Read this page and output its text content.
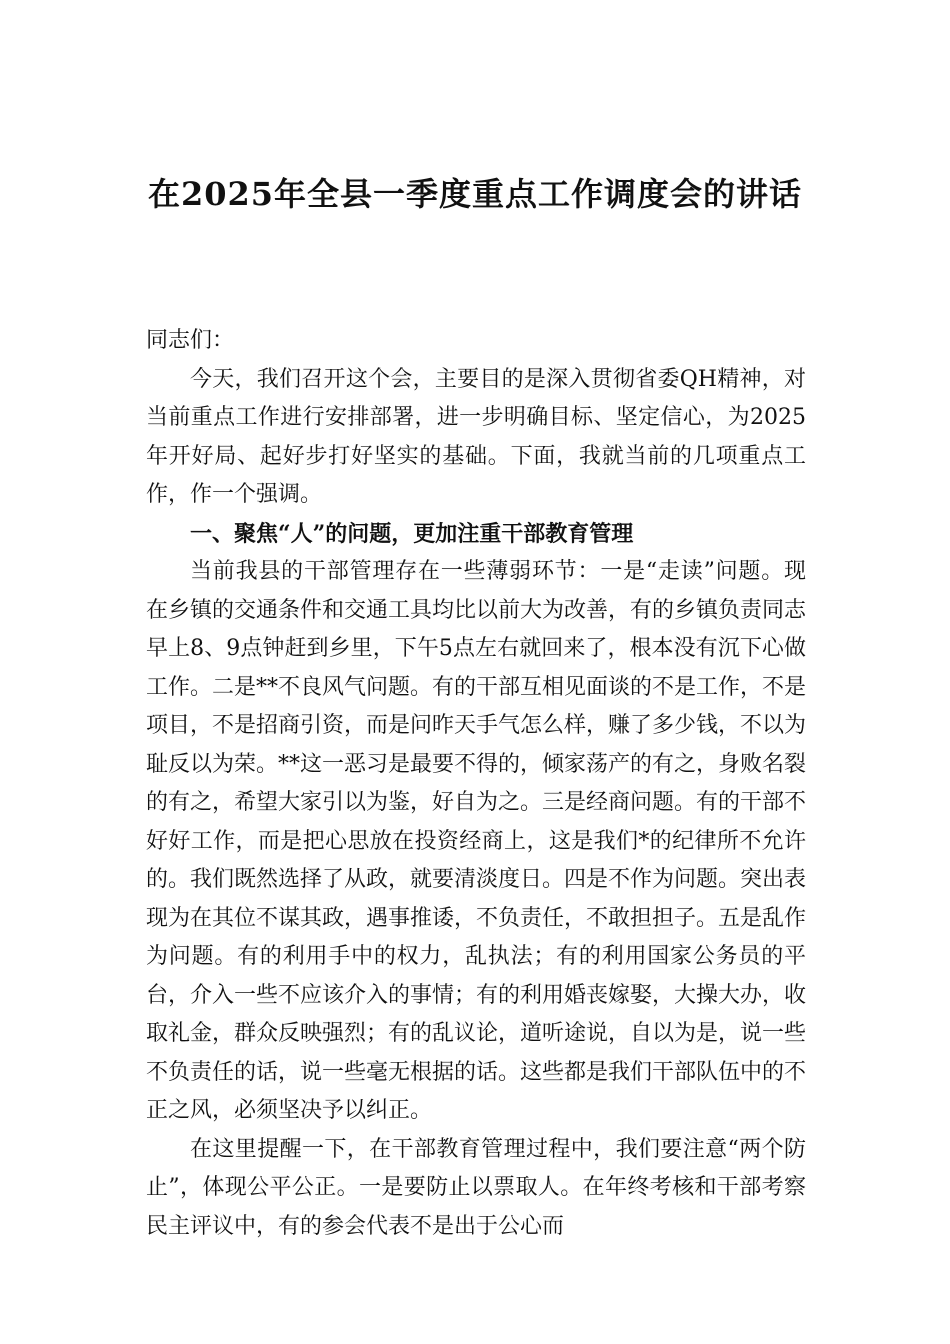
在2025年全县一季度重点工作调度会的讲话

同志们：

今天，我们召开这个会，主要目的是深入贯彻省委QH精神，对当前重点工作进行安排部署，进一步明确目标、坚定信心，为2025年开好局、起好步打好坚实的基础。下面，我就当前的几项重点工作，作一个强调。

一、聚焦“人”的问题，更加注重干部教育管理

当前我县的干部管理存在一些薄弱环节：一是“走读”问题。现在乡镇的交通条件和交通工具均比以前大为改善，有的乡镇负责同志早上8、9点钟赶到乡里，下午5点左右就回来了，根本没有沉下心做工作。二是**不良风气问题。有的干部互相见面谈的不是工作，不是项目，不是招商引资，而是问昨天手气怎么样，赚了多少钱，不以为耻反以为荣。**这一恶习是最要不得的，倾家荡产的有之，身败名裂的有之，希望大家引以为鉴，好自为之。三是经商问题。有的干部不好好工作，而是把心思放在投资经商上，这是我们*的纪律所不允许的。我们既然选择了从政，就要清淡度日。四是不作为问题。突出表现为在其位不谋其政，遇事推诿，不负责任，不敢担担子。五是乱作为问题。有的利用手中的权力，乱执法；有的利用国家公务员的平台，介入一些不应该介入的事情；有的利用婚丧嫁娶，大操大办，收取礼金，群众反映强烈；有的乱议论，道听途说，自以为是，说一些不负责任的话，说一些毫无根据的话。这些都是我们干部队伍中的不正之风，必须坚决予以纠正。

在这里提醒一下，在干部教育管理过程中，我们要注意“两个防止”，体现公平公正。一是要防止以票取人。在年终考核和干部考察民主评议中，有的参会代表不是出于公心而
